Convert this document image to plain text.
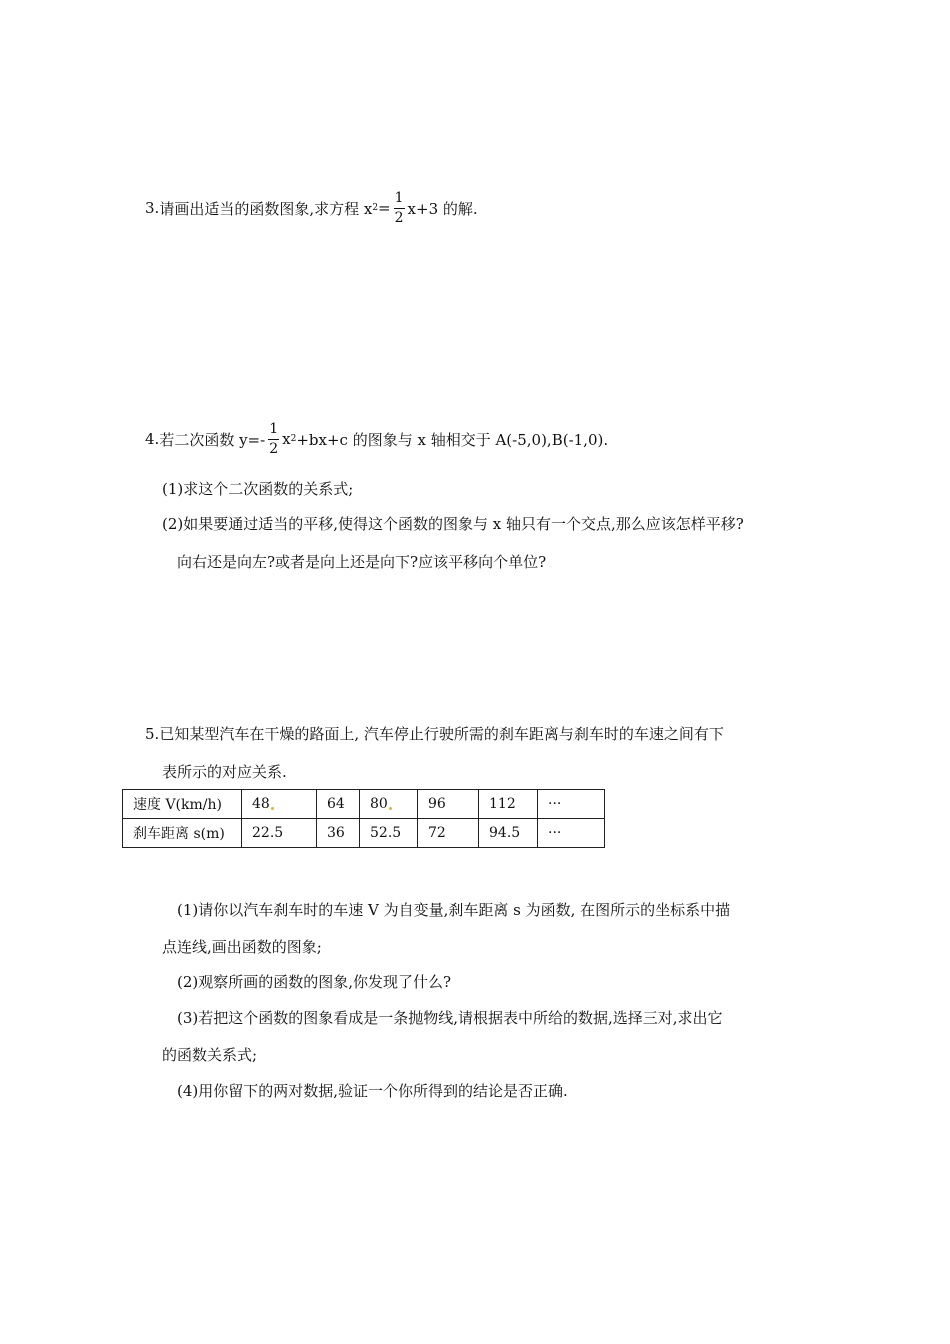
3. 请画出适当的函数图象,求方程 x $2 = \frac{1}{2} x+3$ 的解.
4. 若二次函数 $y=- \frac{1}{2}$ x 2 +bx+c 的图象与 x 轴相交于 A(-5,0),B(-1,0).
(1)求这个二次函数的关系式;
(2)如果要通过适当的平移,使得这个函数的图象与 x 轴只有一个交点,那么应该怎样平移?
向右还是向左?或者是向上还是向下?应该平移向个单位?
5.已知某型汽车在干燥的路面上, 汽车停止行驶所需的刹车距离与刹车时的车速之间有下
表所示的对应关系.
速度 V(km/h)	48	64	80	96	112	···
刹车距离 s(m)	22.5	36	52.5	72	94.5	···
(1)请你以汽车刹车时的车速 V 为自变量,刹车距离 s 为函数, 在图所示的坐标系中描
点连线,画出函数的图象;
(2)观察所画的函数的图象,你发现了什么?
(3)若把这个函数的图象看成是一条抛物线,请根据表中所给的数据,选择三对,求出它
的函数关系式;
(4)用你留下的两对数据,验证一个你所得到的结论是否正确.
